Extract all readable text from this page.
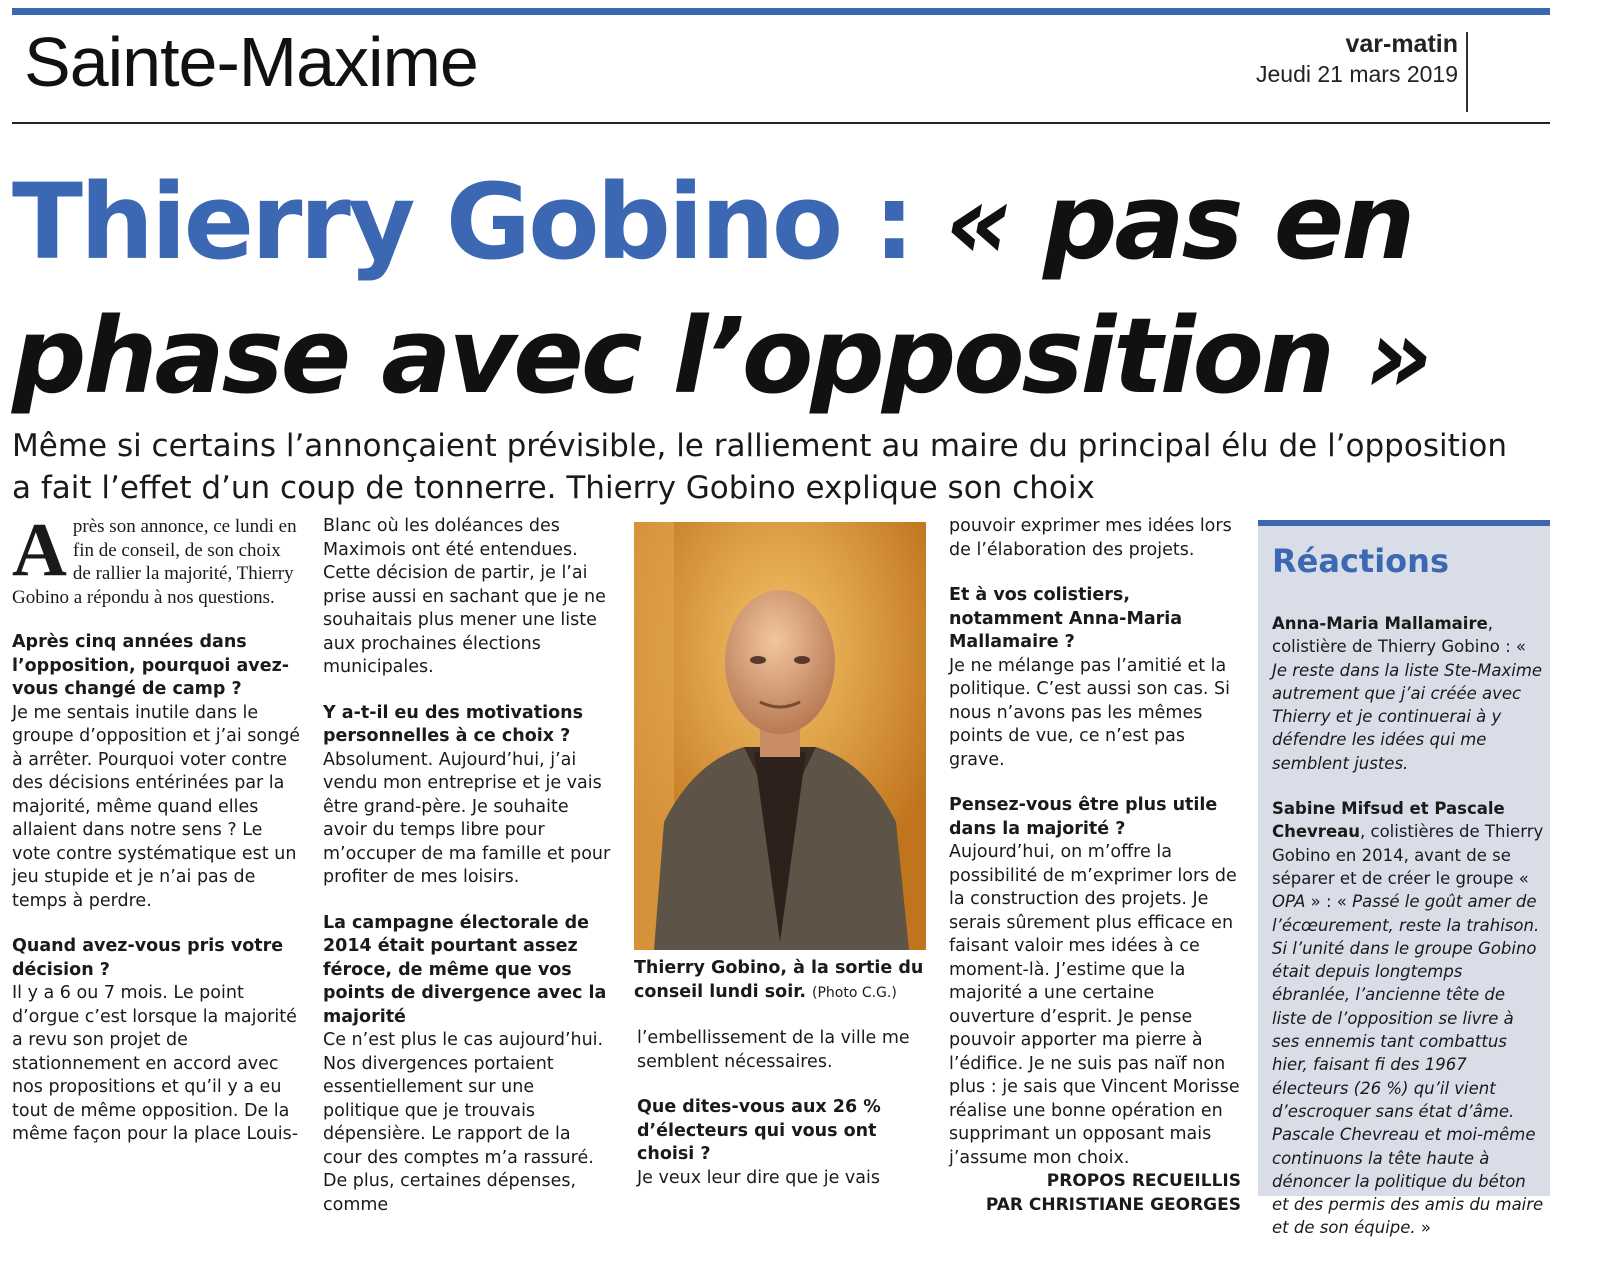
Sainte-Maxime	var-matin
Jeudi 21 mars 2019
Thierry Gobino : « pas en
phase avec l’opposition »
Même si certains l’annonçaient prévisible, le ralliement au maire du principal élu de l’opposition a fait l’effet d’un coup de tonnerre. Thierry Gobino explique son choix

Après son annonce, ce lundi en fin de conseil, de son choix de rallier la majorité, Thierry Gobino a répondu à nos questions.

Après cinq années dans l’opposition, pourquoi avez-vous changé de camp ?

Je me sentais inutile dans le groupe d’opposition et j’ai songé à arrêter. Pourquoi voter contre des décisions entérinées par la majorité, même quand elles allaient dans notre sens ? Le vote contre systématique est un jeu stupide et je n’ai pas de temps à perdre.

Quand avez-vous pris votre décision ?

Il y a 6 ou 7 mois. Le point d’orgue c’est lorsque la majorité a revu son projet de stationnement en accord avec nos propositions et qu’il y a eu tout de même opposition. De la même façon pour la place Louis-

Blanc où les doléances des Maximois ont été entendues. Cette décision de partir, je l’ai prise aussi en sachant que je ne souhaitais plus mener une liste aux prochaines élections municipales.

Y a-t-il eu des motivations personnelles à ce choix ?

Absolument. Aujourd’hui, j’ai vendu mon entreprise et je vais être grand-père. Je souhaite avoir du temps libre pour m’occuper de ma famille et pour profiter de mes loisirs.

La campagne électorale de 2014 était pourtant assez féroce, de même que vos points de divergence avec la majorité

Ce n’est plus le cas aujourd’hui. Nos divergences portaient essentiellement sur une politique que je trouvais dépensière. Le rapport de la cour des comptes m’a rassuré. De plus, certaines dépenses, comme

Thierry Gobino, à la sortie du conseil lundi soir. (Photo C.G.)

l’embellissement de la ville me semblent nécessaires.

Que dites-vous aux 26 % d’électeurs qui vous ont choisi ?

Je veux leur dire que je vais

pouvoir exprimer mes idées lors de l’élaboration des projets.

Et à vos colistiers, notamment Anna-Maria Mallamaire ?

Je ne mélange pas l’amitié et la politique. C’est aussi son cas. Si nous n’avons pas les mêmes points de vue, ce n’est pas grave.

Pensez-vous être plus utile dans la majorité ?

Aujourd’hui, on m’offre la possibilité de m’exprimer lors de la construction des projets. Je serais sûrement plus efficace en faisant valoir mes idées à ce moment-là. J’estime que la majorité a une certaine ouverture d’esprit. Je pense pouvoir apporter ma pierre à l’édifice. Je ne suis pas naïf non plus : je sais que Vincent Morisse réalise une bonne opération en supprimant un opposant mais j’assume mon choix.

PROPOS RECUEILLIS
PAR CHRISTIANE GEORGES

Réactions

Anna-Maria Mallamaire, colistière de Thierry Gobino : « Je reste dans la liste Ste-Maxime autrement que j’ai créée avec Thierry et je continuerai à y défendre les idées qui me semblent justes.

Sabine Mifsud et Pascale Chevreau, colistières de Thierry Gobino en 2014, avant de se séparer et de créer le groupe « OPA » : « Passé le goût amer de l’écœurement, reste la trahison. Si l’unité dans le groupe Gobino était depuis longtemps ébranlée, l’ancienne tête de liste de l’opposition se livre à ses ennemis tant combattus hier, faisant fi des 1967 électeurs (26 %) qu’il vient d’escroquer sans état d’âme. Pascale Chevreau et moi-même continuons la tête haute à dénoncer la politique du béton et des permis des amis du maire et de son équipe. »
